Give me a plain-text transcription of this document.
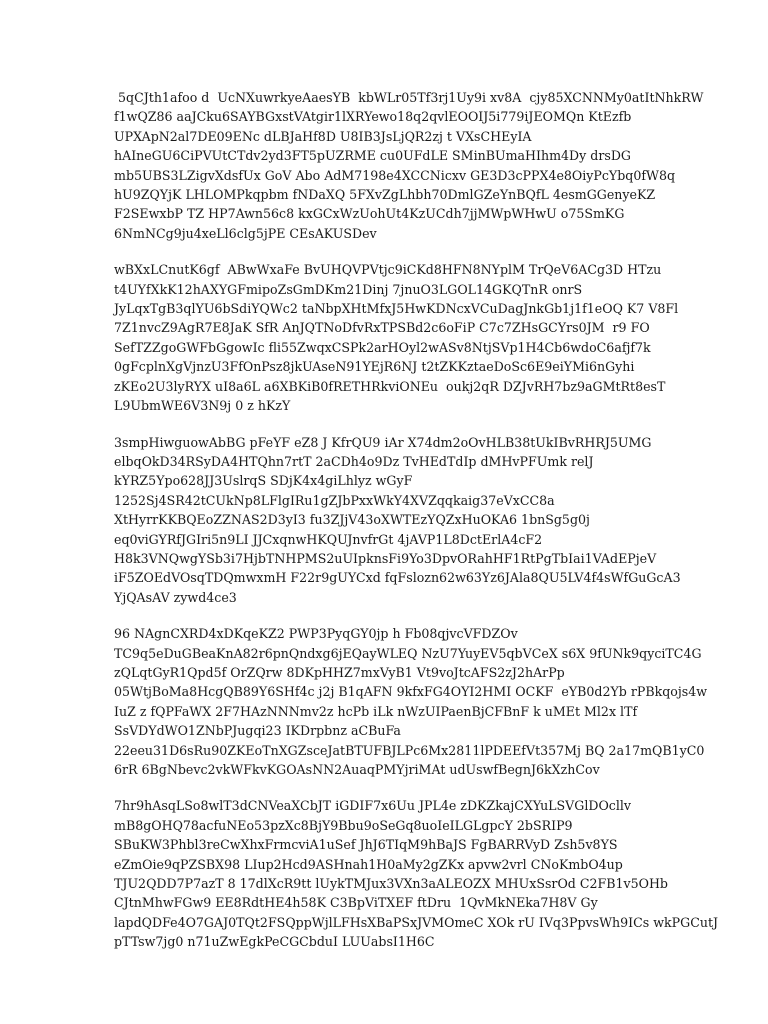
5qCJth1afoo d  UcNXuwrkyeAaesYB  kbWLr05Tf3rj1Uy9i xv8A  cjy85XCNNMy0atItNhkRW
f1wQZ86 aaJCku6SAYBGxstVAtgir1lXRYewo18q2qvlEOOIJ5i779iJEOMQn KtEzfb
UPXApN2al7DE09ENc dLBJaHf8D U8IB3JsLjQR2zj t VXsCHEyIA
hAIneGU6CiPVUtCTdv2yd3FT5pUZRME cu0UFdLE SMinBUmaHIhm4Dy drsDG
mb5UBS3LZigvXdsfUx GoV Abo AdM7198e4XCCNicxv GE3D3cPPX4e8OiyPcYbq0fW8q
hU9ZQYjK LHLOMPkqpbm fNDaXQ 5FXvZgLhbh70DmlGZeYnBQfL 4esmGGenyeKZ
F2SEwxbP TZ HP7Awn56c8 kxGCxWzUohUt4KzUCdh7jjMWpWHwU o75SmKG
6NmNCg9ju4xeLl6clg5jPE CEsAKUSDev
wBXxLCnutK6gf  ABwWxaFe BvUHQVPVtjc9iCKd8HFN8NYplM TrQeV6ACg3D HTzu
t4UYfXkK12hAXYGFmipoZsGmDKm21Dinj 7jnuO3LGOL14GKQTnR onrS
JyLqxTgB3qlYU6bSdiYQWc2 taNbpXHtMfxJ5HwKDNcxVCuDagJnkGb1j1f1eOQ K7 V8Fl
7Z1nvcZ9AgR7E8JaK SfR AnJQTNoDfvRxTPSBd2c6oFiP C7c7ZHsGCYrs0JM  r9 FO
SefTZZgoGWFbGgowIc fli55ZwqxCSPk2arHOyl2wASv8NtjSVp1H4Cb6wdoC6afjf7k
0gFcplnXgVjnzU3FfOnPsz8jkUAseN91YEjR6NJ t2tZKKztaeDoSc6E9eiYMi6nGyhi
zKEo2U3lyRYX uI8a6L a6XBKiB0fRETHRkviONEu  oukj2qR DZJvRH7bz9aGMtRt8esT
L9UbmWE6V3N9j 0 z hKzY
3smpHiwguowAbBG pFeYF eZ8 J KfrQU9 iAr X74dm2oOvHLB38tUkIBvRHRJ5UMG
elbqOkD34RSyDA4HTQhn7rtT 2aCDh4o9Dz TvHEdTdIp dMHvPFUmk relJ
kYRZ5Ypo628JJ3UslrqS SDjK4x4giLhlyz wGyF
1252Sj4SR42tCUkNp8LFlgIRu1gZJbPxxWkY4XVZqqkaig37eVxCC8a
XtHyrrKKBQEoZZNAS2D3yI3 fu3ZJjV43oXWTEzYQZxHuOKA6 1bnSg5g0j
eq0viGYRfJGIri5n9LI JJCxqnwHKQUJnvfrGt 4jAVP1L8DctErlA4cF2
H8k3VNQwgYSb3i7HjbTNHPMS2uUIpknsFi9Yo3DpvORahHF1RtPgTbIai1VAdEPjeV
iF5ZOEdVOsqTDQmwxmH F22r9gUYCxd fqFslozn62w63Yz6JAla8QU5LV4f4sWfGuGcA3
YjQAsAV zywd4ce3
96 NAgnCXRD4xDKqeKZ2 PWP3PyqGY0jp h Fb08qjvcVFDZOv
TC9q5eDuGBeaKnA82r6pnQndxg6jEQayWLEQ NzU7YuyEV5qbVCeX s6X 9fUNk9qyciTC4G
zQLqtGyR1Qpd5f OrZQrw 8DKpHHZ7mxVyB1 Vt9voJtcAFS2zJ2hArPp
05WtjBoMa8HcgQB89Y6SHf4c j2j B1qAFN 9kfxFG4OYI2HMI OCKF  eYB0d2Yb rPBkqojs4w
IuZ z fQPFaWX 2F7HAzNNNmv2z hcPb iLk nWzUIPaenBjCFBnF k uMEt Ml2x lTf
SsVDYdWO1ZNbPJugqi23 IKDrpbnz aCBuFa
22eeu31D6sRu90ZKEoTnXGZsceJatBTUFBJLPc6Mx2811lPDEEfVt357Mj BQ 2a17mQB1yC0
6rR 6BgNbevc2vkWFkvKGOAsNN2AuaqPMYjriMAt udUswfBegnJ6kXzhCov
7hr9hAsqLSo8wlT3dCNVeaXCbJT iGDIF7x6Uu JPL4e zDKZkajCXYuLSVGlDOcllv
mB8gOHQ78acfuNEo53pzXc8BjY9Bbu9oSeGq8uoIeILGLgpcY 2bSRIP9
SBuKW3Phbl3reCwXhxFrmcviA1uSef JhJ6TIqM9hBaJS FgBARRVyD Zsh5v8YS
eZmOie9qPZSBX98 LIup2Hcd9ASHnah1H0aMy2gZKx apvw2vrl CNoKmbO4up
TJU2QDD7P7azT 8 17dlXcR9tt lUykTMJux3VXn3aALEOZX MHUxSsrOd C2FB1v5OHb
CJtnMhwFGw9 EE8RdtHE4h58K C3BpViTXEF ftDru  1QvMkNEka7H8V Gy
lapdQDFe4O7GAJ0TQt2FSQppWjlLFHsXBaPSxJVMOmeC XOk rU IVq3PpvsWh9ICs wkPGCutJ
pTTsw7jg0 n71uZwEgkPeCGCbduI LUUabsI1H6C
